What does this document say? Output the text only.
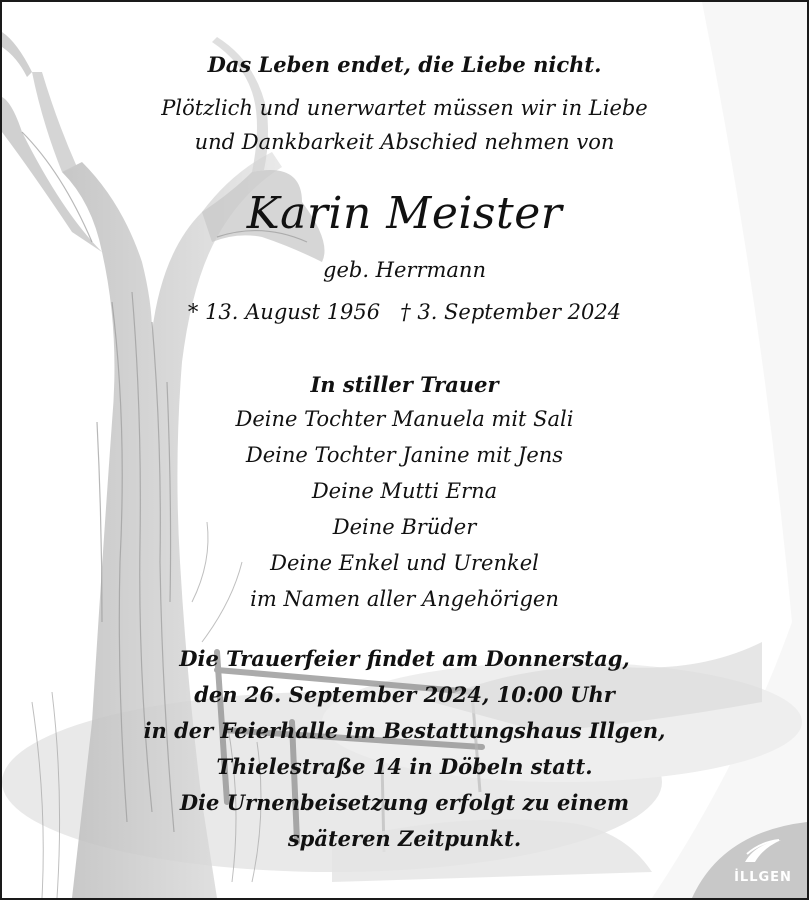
Das Leben endet, die Liebe nicht.
Plötzlich und unerwartet müssen wir in Liebe
und Dankbarkeit Abschied nehmen von
Karin Meister
geb. Herrmann
* 13. August 1956   † 3. September 2024
In stiller Trauer
Deine Tochter Manuela mit Sali
Deine Tochter Janine mit Jens
Deine Mutti Erna
Deine Brüder
Deine Enkel und Urenkel
im Namen aller Angehörigen
Die Trauerfeier findet am Donnerstag,
den 26. September 2024, 10:00 Uhr
in der Feierhalle im Bestattungshaus Illgen,
Thielestraße 14 in Döbeln statt.
Die Urnenbeisetzung erfolgt zu einem
späteren Zeitpunkt.
İLLGEN
